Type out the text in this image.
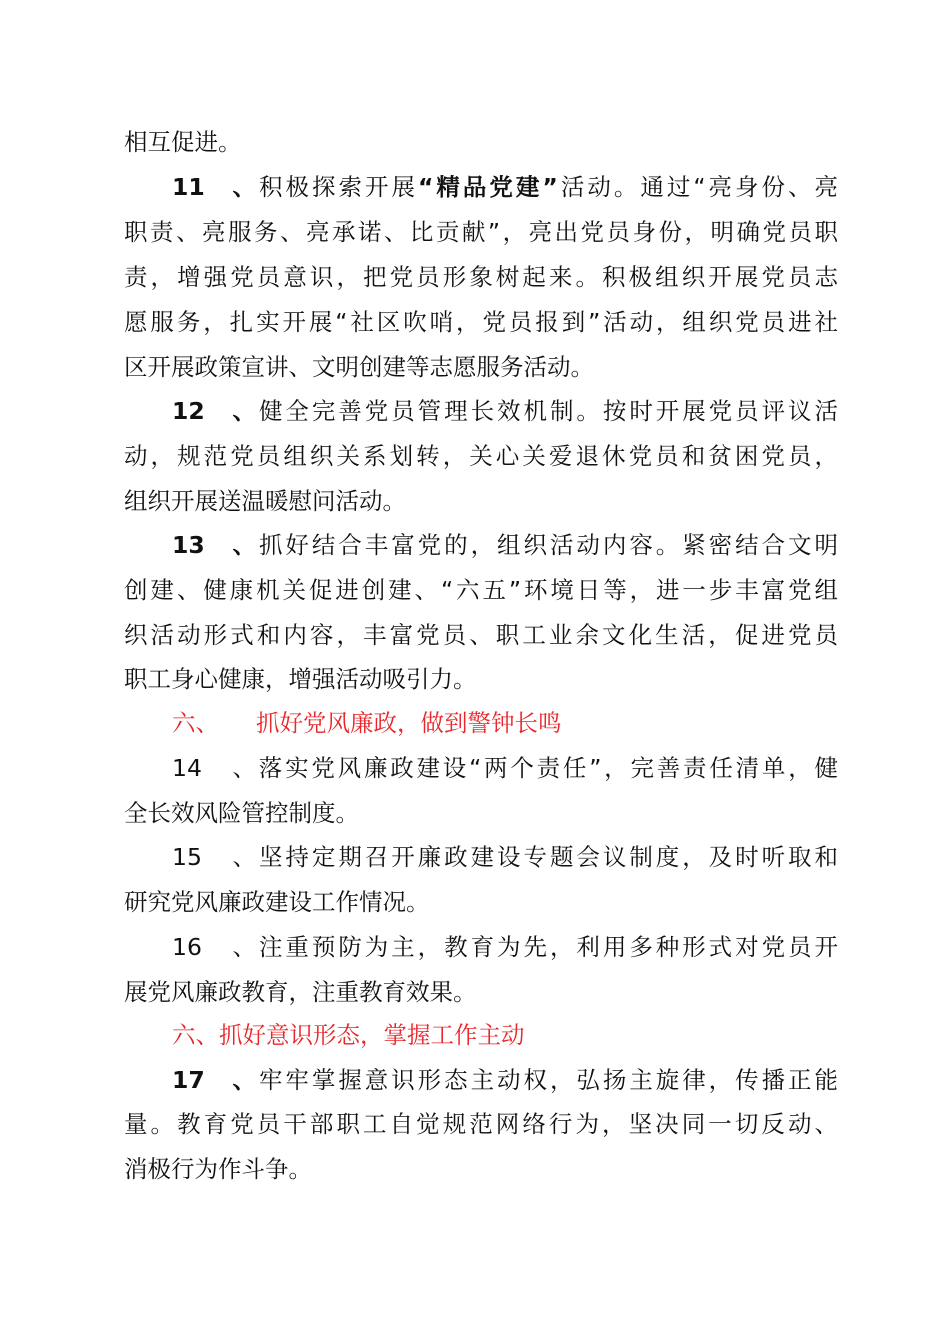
相互促进。
11、积极探索开展“精品党建”活动。通过“亮身份、亮
职责、亮服务、亮承诺、比贡献”，亮出党员身份，明确党员职
责，增强党员意识，把党员形象树起来。积极组织开展党员志
愿服务，扎实开展“社区吹哨，党员报到”活动，组织党员进社
区开展政策宣讲、文明创建等志愿服务活动。
12、健全完善党员管理长效机制。按时开展党员评议活
动，规范党员组织关系划转，关心关爱退休党员和贫困党员，
组织开展送温暖慰问活动。
13、抓好结合丰富党的，组织活动内容。紧密结合文明
创建、健康机关促进创建、“六五”环境日等，进一步丰富党组
织活动形式和内容，丰富党员、职工业余文化生活，促进党员
职工身心健康，增强活动吸引力。
六、 抓好党风廉政，做到警钟长鸣
14、落实党风廉政建设“两个责任”，完善责任清单，健
全长效风险管控制度。
15、坚持定期召开廉政建设专题会议制度，及时听取和
研究党风廉政建设工作情况。
16、注重预防为主，教育为先，利用多种形式对党员开
展党风廉政教育，注重教育效果。
六、抓好意识形态，掌握工作主动
17、牢牢掌握意识形态主动权，弘扬主旋律，传播正能
量。教育党员干部职工自觉规范网络行为，坚决同一切反动、
消极行为作斗争。
